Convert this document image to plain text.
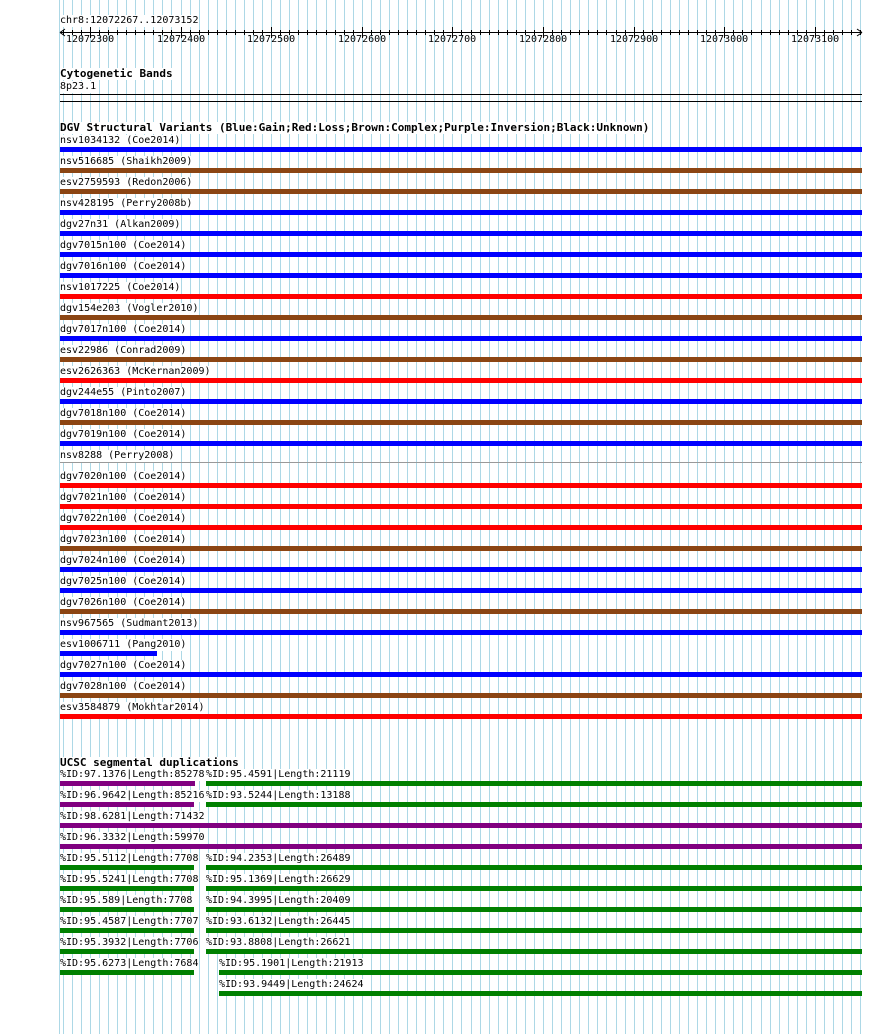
chr8:12072267..12073152
12072300	12072400	12072500	12072600	12072700	12072800	12072900	12073000	12073100
Cytogenetic Bands
8p23.1
DGV Structural Variants (Blue:Gain;Red:Loss;Brown:Complex;Purple:Inversion;Black:Unknown)
nsv1034132 (Coe2014)
nsv516685 (Shaikh2009)
esv2759593 (Redon2006)
nsv428195 (Perry2008b)
dgv27n31 (Alkan2009)
dgv7015n100 (Coe2014)
dgv7016n100 (Coe2014)
nsv1017225 (Coe2014)
dgv154e203 (Vogler2010)
dgv7017n100 (Coe2014)
esv22986 (Conrad2009)
esv2626363 (McKernan2009)
dgv244e55 (Pinto2007)
dgv7018n100 (Coe2014)
dgv7019n100 (Coe2014)
nsv8288 (Perry2008)
dgv7020n100 (Coe2014)
dgv7021n100 (Coe2014)
dgv7022n100 (Coe2014)
dgv7023n100 (Coe2014)
dgv7024n100 (Coe2014)
dgv7025n100 (Coe2014)
dgv7026n100 (Coe2014)
nsv967565 (Sudmant2013)
esv1006711 (Pang2010)
dgv7027n100 (Coe2014)
dgv7028n100 (Coe2014)
esv3584879 (Mokhtar2014)
UCSC segmental duplications
%ID:97.1376|Length:85278 %ID:95.4591|Length:21119
%ID:96.9642|Length:85216 %ID:93.5244|Length:13188
%ID:98.6281|Length:71432
%ID:96.3332|Length:59970
%ID:95.5112|Length:7708 %ID:94.2353|Length:26489
%ID:95.5241|Length:7708 %ID:95.1369|Length:26629
%ID:95.589|Length:7708 %ID:94.3995|Length:20409
%ID:95.4587|Length:7707 %ID:93.6132|Length:26445
%ID:95.3932|Length:7706 %ID:93.8808|Length:26621
%ID:95.6273|Length:7684 %ID:95.1901|Length:21913
%ID:93.9449|Length:24624
